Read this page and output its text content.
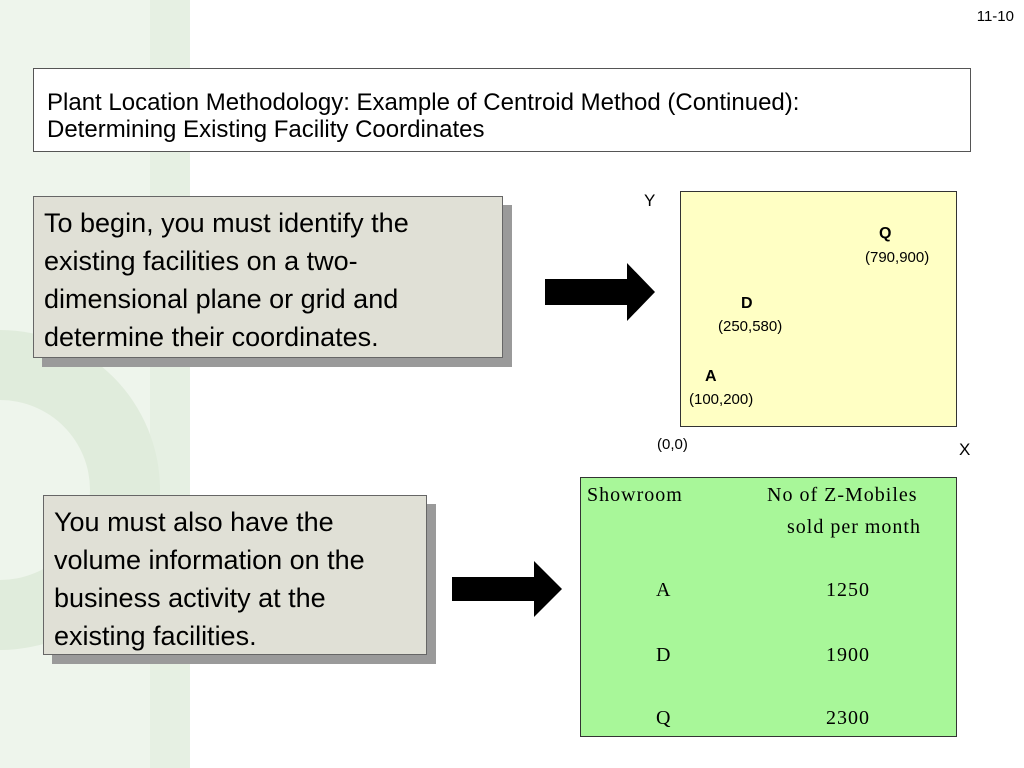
11-10
Plant Location Methodology: Example of Centroid Method (Continued):
Determining Existing Facility Coordinates
To begin, you must identify the
existing facilities on a two-
dimensional plane or grid and
determine their coordinates.
Y
Q
(790,900)
D
(250,580)
A
(100,200)
(0,0)	X
You must also have the
volume information on the
business activity at the
existing facilities.
Showroom	No of Z-Mobiles
sold per month
A	1250
D	1900
Q	2300
